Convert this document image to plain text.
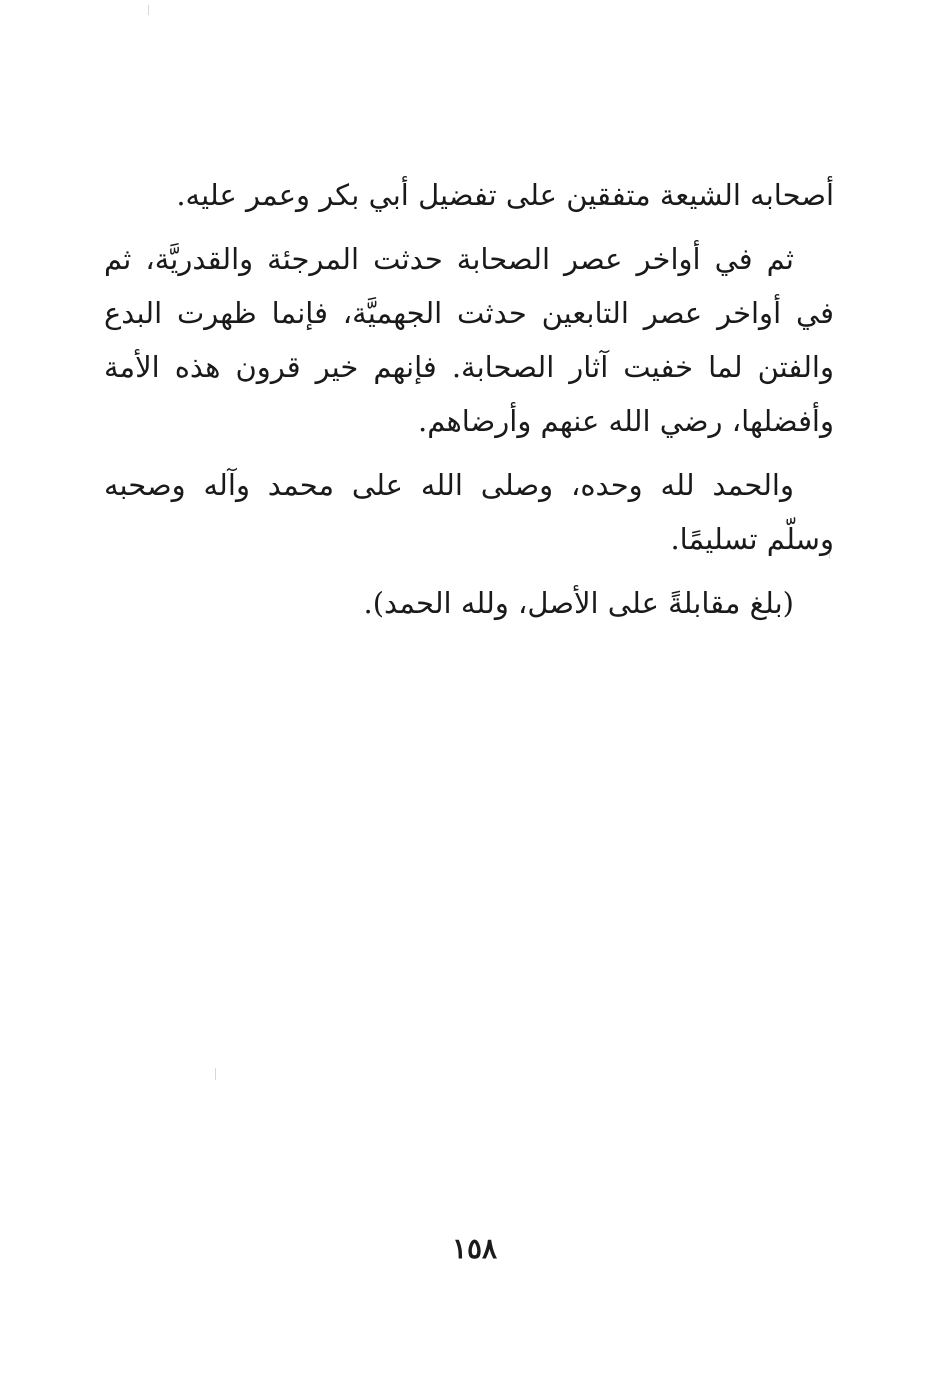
أصحابه الشيعة متفقين على تفضيل أبي بكر وعمر عليه.

ثم في أواخر عصر الصحابة حدثت المرجئة والقدريَّة، ثم في أواخر عصر التابعين حدثت الجهميَّة، فإنما ظهرت البدع والفتن لما خفيت آثار الصحابة. فإنهم خير قرون هذه الأمة وأفضلها، رضي الله عنهم وأرضاهم.

والحمد لله وحده، وصلى الله على محمد وآله وصحبه وسلّم تسليمًا.

(بلغ مقابلةً على الأصل، ولله الحمد).

١٥٨
